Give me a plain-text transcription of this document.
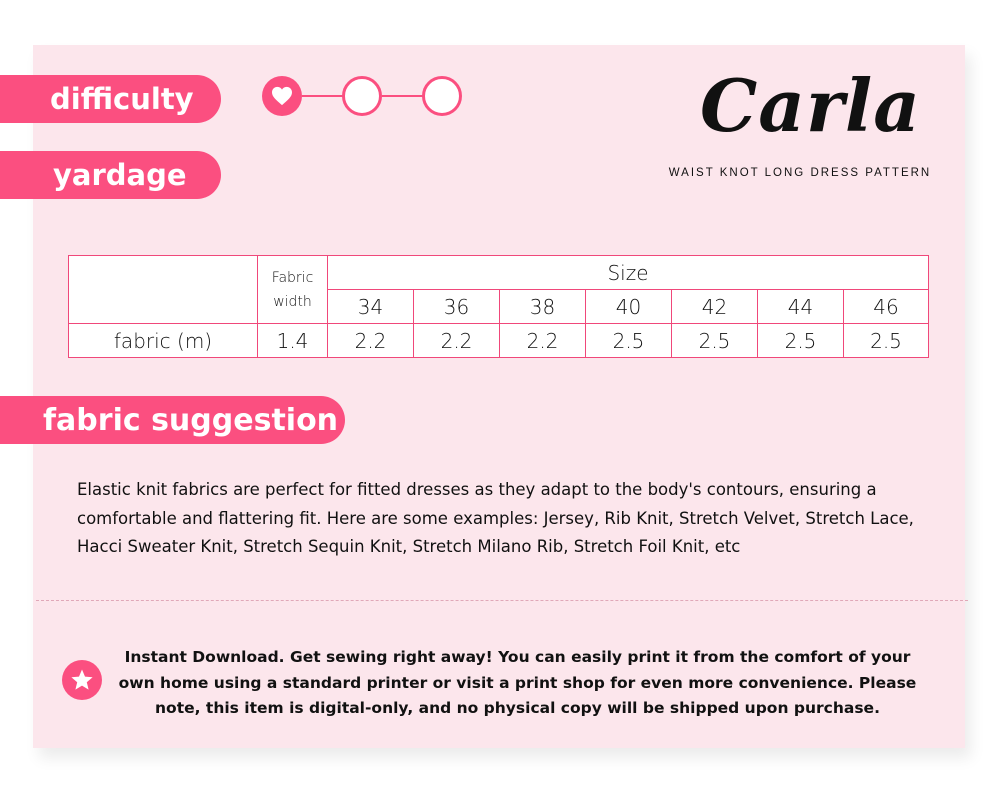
difficulty
yardage
Carla
WAIST KNOT LONG DRESS PATTERN
	Fabric width	Size						
		34	36	38	40	42	44	46
fabric (m)	1.4	2.2	2.2	2.2	2.5	2.5	2.5	2.5
fabric suggestion
Elastic knit fabrics are perfect for fitted dresses as they adapt to the body's contours, ensuring a comfortable and flattering fit. Here are some examples: Jersey, Rib Knit, Stretch Velvet, Stretch Lace, Hacci Sweater Knit, Stretch Sequin Knit, Stretch Milano Rib, Stretch Foil Knit, etc
Instant Download. Get sewing right away! You can easily print it from the comfort of your own home using a standard printer or visit a print shop for even more convenience. Please note, this item is digital-only, and no physical copy will be shipped upon purchase.
